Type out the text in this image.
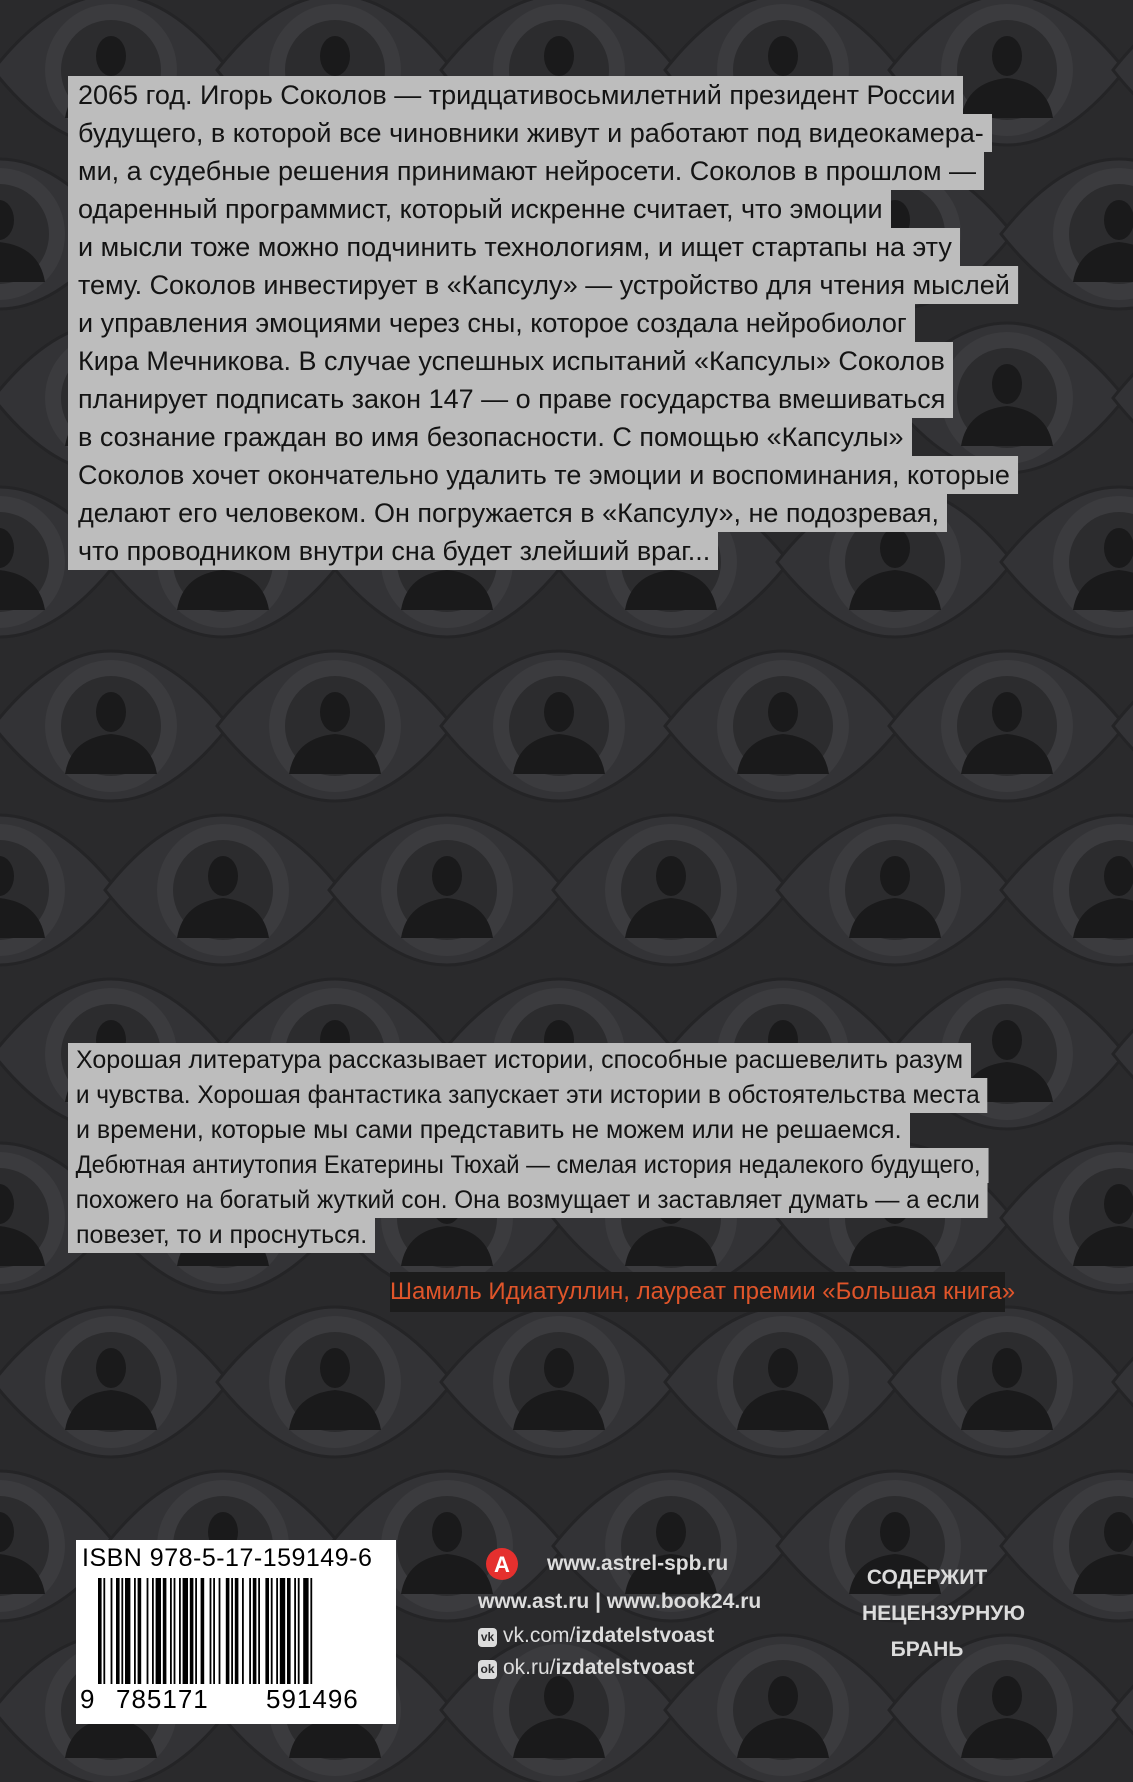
2065 год. Игорь Соколов — тридцативосьмилетний президент России
будущего, в которой все чиновники живут и работают под видеокамера-
ми, а судебные решения принимают нейросети. Соколов в прошлом —
одаренный программист, который искренне считает, что эмоции
и мысли тоже можно подчинить технологиям, и ищет стартапы на эту
тему. Соколов инвестирует в «Капсулу» — устройство для чтения мыслей
и управления эмоциями через сны, которое создала нейробиолог
Кира Мечникова. В случае успешных испытаний «Капсулы» Соколов
планирует подписать закон 147 — о праве государства вмешиваться
в сознание граждан во имя безопасности. С помощью «Капсулы»
Соколов хочет окончательно удалить те эмоции и воспоминания, которые
делают его человеком. Он погружается в «Капсулу», не подозревая,
что проводником внутри сна будет злейший враг...
Хорошая литература рассказывает истории, способные расшевелить разум
и чувства. Хорошая фантастика запускает эти истории в обстоятельства места
и времени, которые мы сами представить не можем или не решаемся.
Дебютная антиутопия Екатерины Тюхай — смелая история недалекого будущего,
похожего на богатый жуткий сон. Она возмущает и заставляет думать — а если
повезет, то и проснуться.
Шамиль Идиатуллин, лауреат премии «Большая книга»
ISBN 978-5-17-159149-6
9 785171 591496
А www.astrel-spb.ru
www.ast.ru | www.book24.ru
vk vk.com/izdatelstvoast
ok ok.ru/izdatelstvoast
СОДЕРЖИТ
НЕЦЕНЗУРНУЮ
БРАНЬ
